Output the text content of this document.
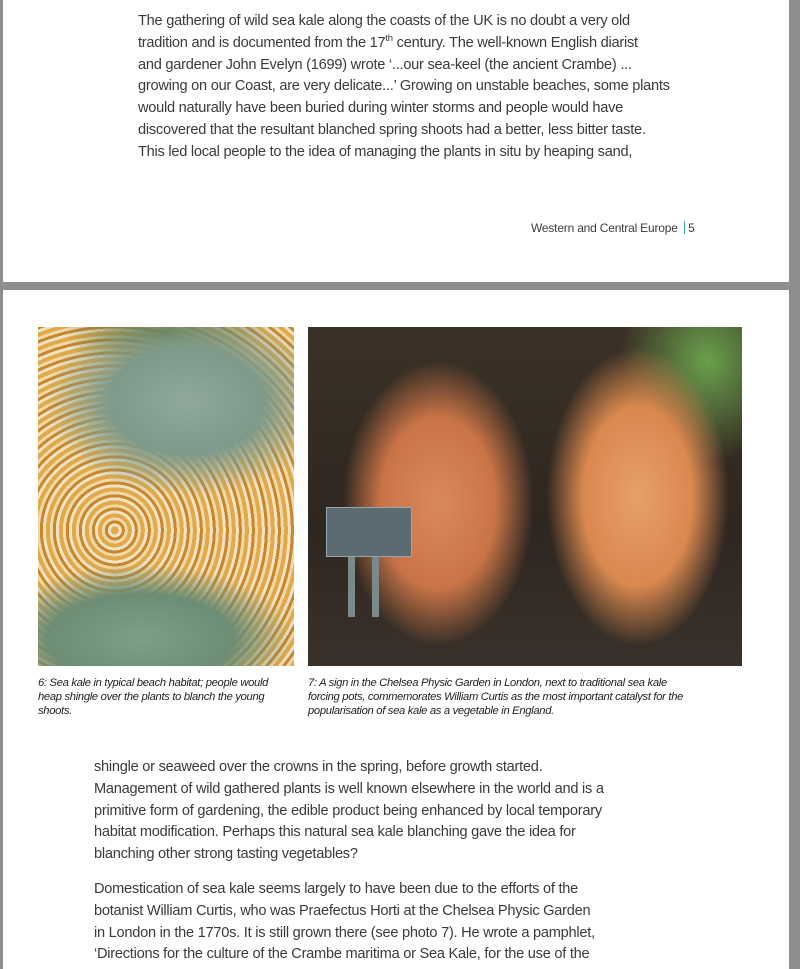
The gathering of wild sea kale along the coasts of the UK is no doubt a very old

tradition and is documented from the 17th century. The well-known English diarist

and gardener John Evelyn (1699) wrote ‘...our sea-keel (the ancient Crambe) ...

growing on our Coast, are very delicate...’ Growing on unstable beaches, some plants

would naturally have been buried during winter storms and people would have

discovered that the resultant blanched spring shoots had a better, less bitter taste.

This led local people to the idea of managing the plants in situ by heaping sand,

Western and Central Europe 5

6: Sea kale in typical beach habitat; people would

heap shingle over the plants to blanch the young

shoots.

7: A sign in the Chelsea Physic Garden in London, next to traditional sea kale

forcing pots, commemorates William Curtis as the most important catalyst for the

popularisation of sea kale as a vegetable in England.

shingle or seaweed over the crowns in the spring, before growth started.

Management of wild gathered plants is well known elsewhere in the world and is a

primitive form of gardening, the edible product being enhanced by local temporary

habitat modification. Perhaps this natural sea kale blanching gave the idea for

blanching other strong tasting vegetables?

Domestication of sea kale seems largely to have been due to the efforts of the

botanist William Curtis, who was Praefectus Horti at the Chelsea Physic Garden

in London in the 1770s. It is still grown there (see photo 7). He wrote a pamphlet,

‘Directions for the culture of the Crambe maritima or Sea Kale, for the use of the
